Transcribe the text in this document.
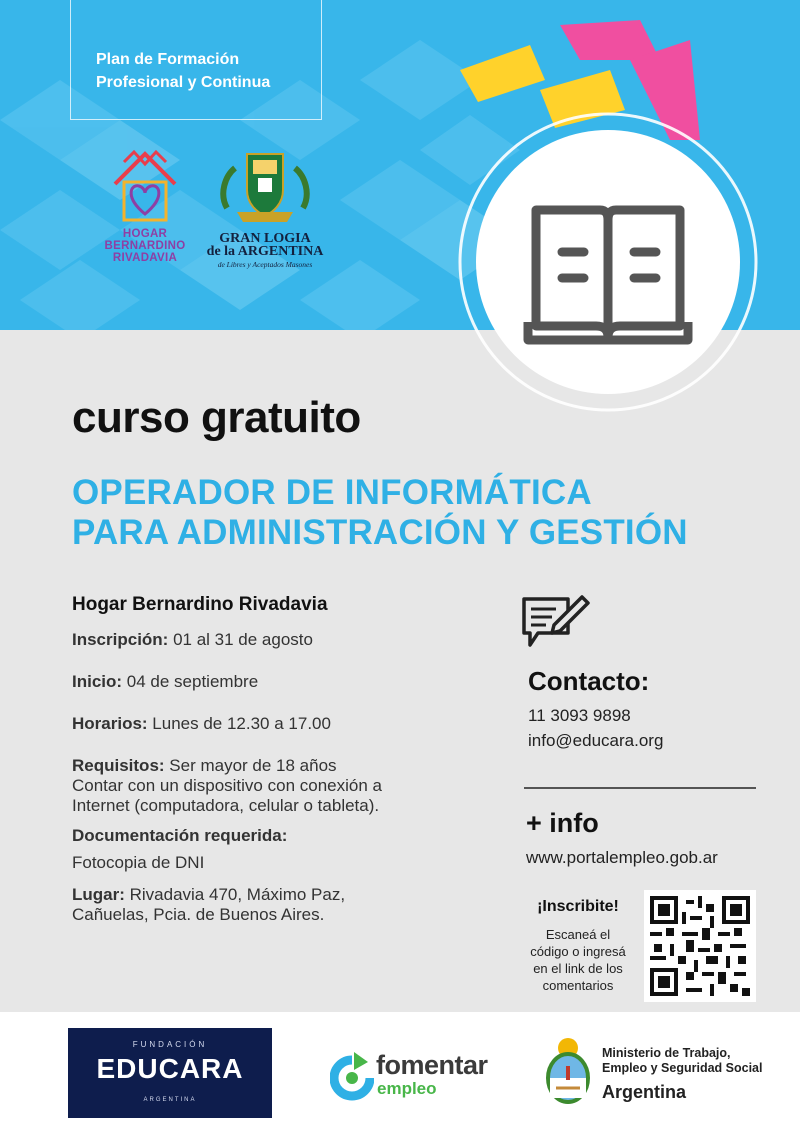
Plan de Formación
Profesional y Continua
HOGAR
BERNARDINO
RIVADAVIA
GRAN LOGIA
de la ARGENTINA
de Libres y Aceptados Masones
curso gratuito
OPERADOR DE INFORMÁTICA
PARA ADMINISTRACIÓN Y GESTIÓN
Hogar Bernardino Rivadavia
Inscripción: 01 al 31 de agosto
Inicio: 04 de septiembre
Horarios: Lunes de 12.30 a 17.00
Requisitos: Ser mayor de 18 años
Contar con un dispositivo con conexión a
Internet (computadora, celular o tableta).
Documentación requerida:
Fotocopia de DNI
Lugar: Rivadavia 470, Máximo Paz,
Cañuelas, Pcia. de Buenos Aires.
Contacto:
11 3093 9898
info@educara.org
+ info
www.portalempleo.gob.ar
¡Inscribite!
Escaneá el
código o ingresá
en el link de los
comentarios
FUNDACIÓN
EDUCARA
ARGENTINA
fomentar
empleo
Ministerio de Trabajo,
Empleo y Seguridad Social
Argentina
